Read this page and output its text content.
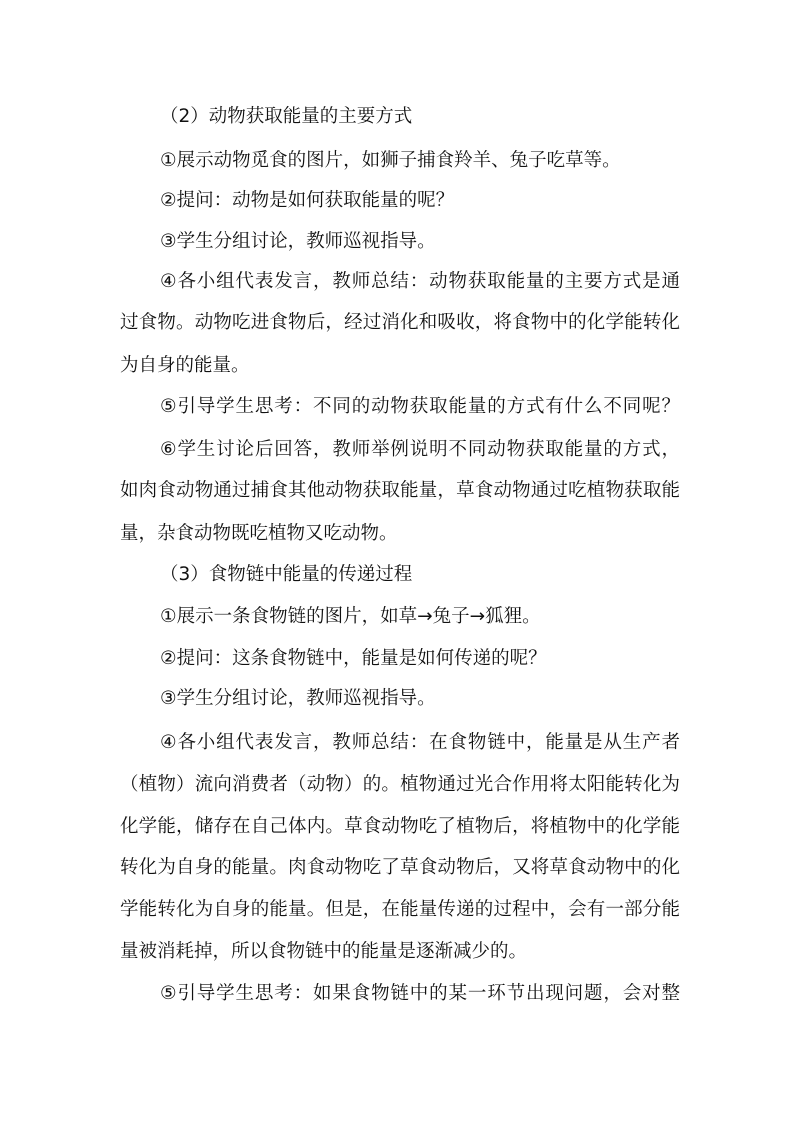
（2）动物获取能量的主要方式
①展示动物觅食的图片，如狮子捕食羚羊、兔子吃草等。
②提问：动物是如何获取能量的呢？
③学生分组讨论，教师巡视指导。
④各小组代表发言，教师总结：动物获取能量的主要方式是通
过食物。动物吃进食物后，经过消化和吸收，将食物中的化学能转化
为自身的能量。
⑤引导学生思考：不同的动物获取能量的方式有什么不同呢？
⑥学生讨论后回答，教师举例说明不同动物获取能量的方式，
如肉食动物通过捕食其他动物获取能量，草食动物通过吃植物获取能
量，杂食动物既吃植物又吃动物。
（3）食物链中能量的传递过程
①展示一条食物链的图片，如草→兔子→狐狸。
②提问：这条食物链中，能量是如何传递的呢？
③学生分组讨论，教师巡视指导。
④各小组代表发言，教师总结：在食物链中，能量是从生产者
（植物）流向消费者（动物）的。植物通过光合作用将太阳能转化为
化学能，储存在自己体内。草食动物吃了植物后，将植物中的化学能
转化为自身的能量。肉食动物吃了草食动物后，又将草食动物中的化
学能转化为自身的能量。但是，在能量传递的过程中，会有一部分能
量被消耗掉，所以食物链中的能量是逐渐减少的。
⑤引导学生思考：如果食物链中的某一环节出现问题，会对整
